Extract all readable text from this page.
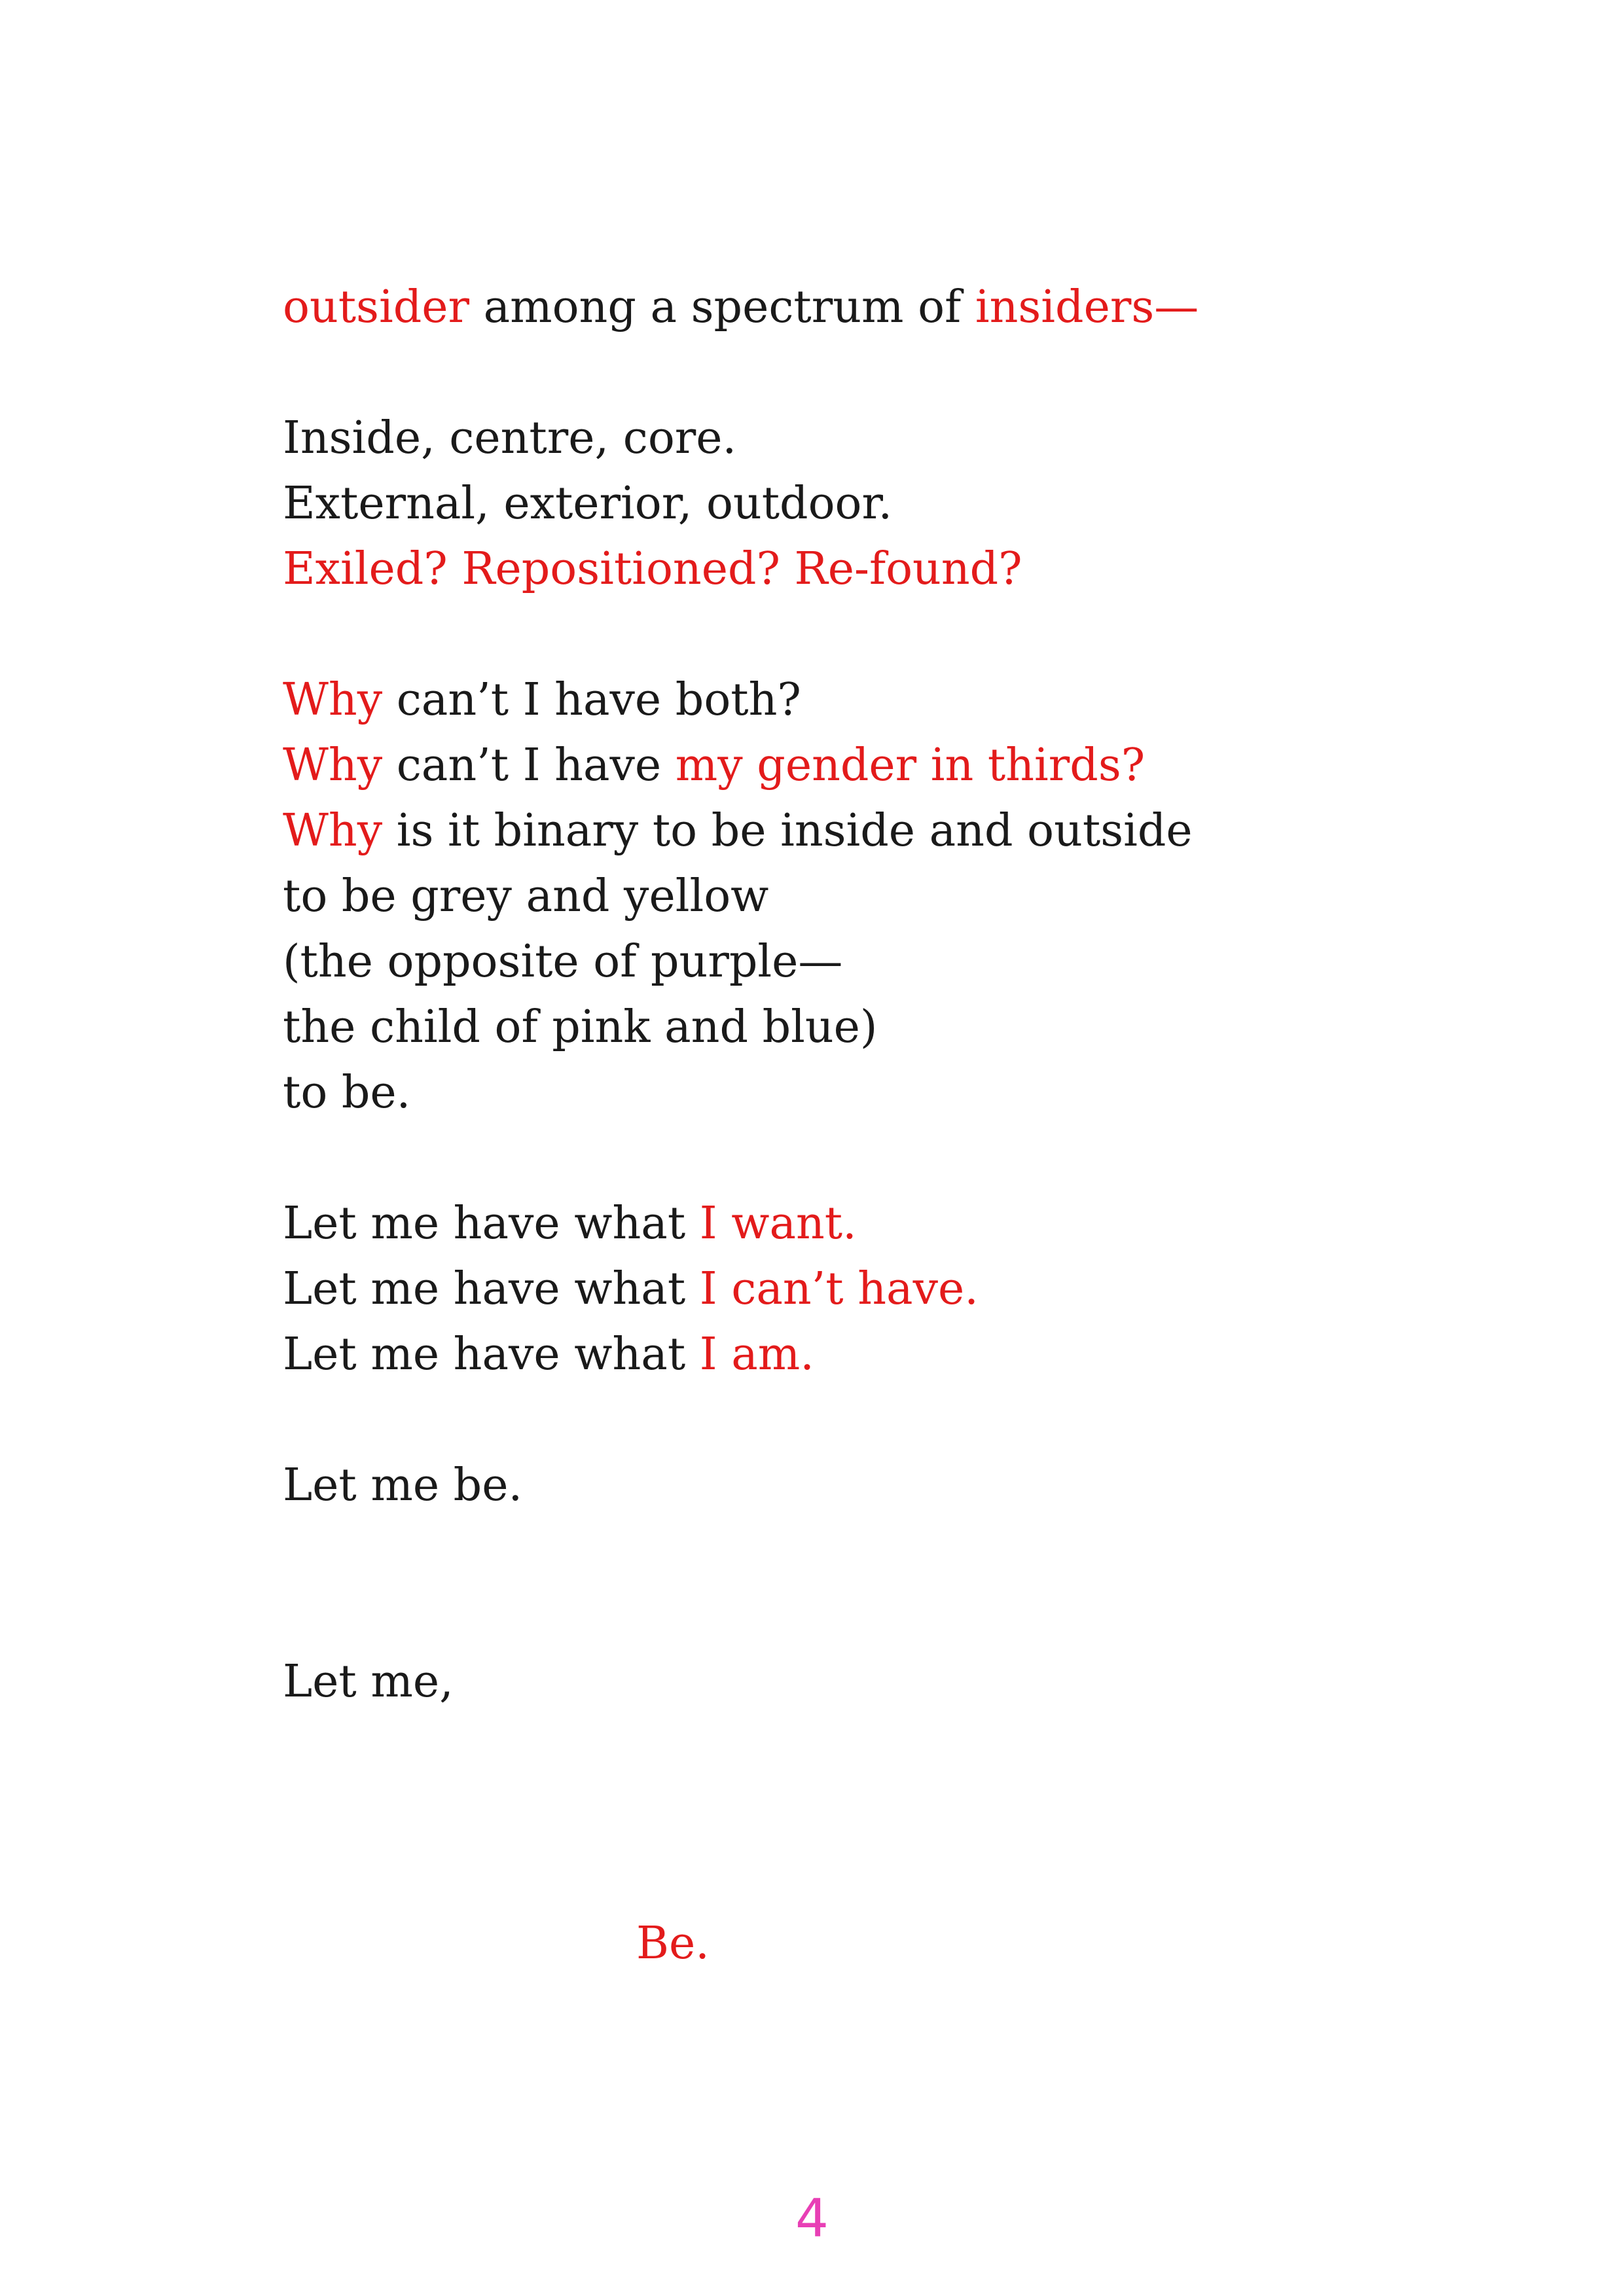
outsider among a spectrum of insiders—
Inside, centre, core.
External, exterior, outdoor.
Exiled? Repositioned? Re-found?
Why can’t I have both?
Why can’t I have my gender in thirds?
Why is it binary to be inside and outside
to be grey and yellow
(the opposite of purple—
the child of pink and blue)
to be.
Let me have what I want.
Let me have what I can’t have.
Let me have what I am.
Let me be.
Let me,
Be.
4
